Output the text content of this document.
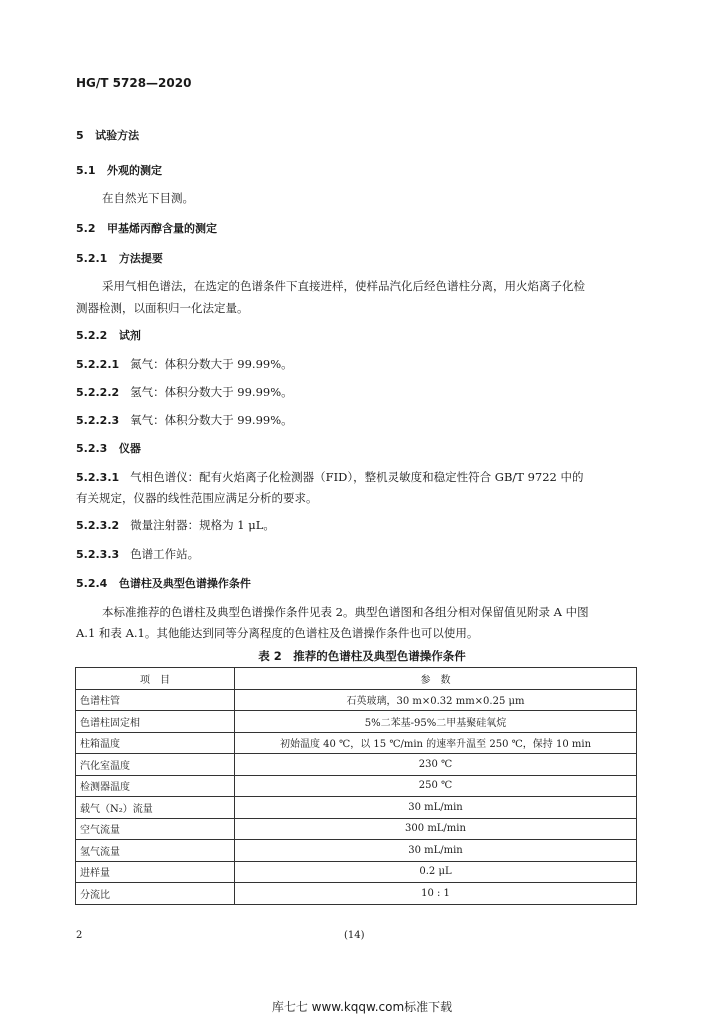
HG/T 5728—2020
5 试验方法
5.1 外观的测定
在自然光下目测。
5.2 甲基烯丙醇含量的测定
5.2.1 方法提要
采用气相色谱法，在选定的色谱条件下直接进样，使样品汽化后经色谱柱分离，用火焰离子化检
测器检测，以面积归一化法定量。
5.2.2 试剂
5.2.2.1 氮气：体积分数大于 99.99%。
5.2.2.2 氢气：体积分数大于 99.99%。
5.2.2.3 氧气：体积分数大于 99.99%。
5.2.3 仪器
5.2.3.1 气相色谱仪：配有火焰离子化检测器（FID），整机灵敏度和稳定性符合 GB/T 9722 中的
有关规定，仪器的线性范围应满足分析的要求。
5.2.3.2 微量注射器：规格为 1 μL。
5.2.3.3 色谱工作站。
5.2.4 色谱柱及典型色谱操作条件
本标准推荐的色谱柱及典型色谱操作条件见表 2。典型色谱图和各组分相对保留值见附录 A 中图
A.1 和表 A.1。其他能达到同等分离程度的色谱柱及色谱操作条件也可以使用。
表 2　推荐的色谱柱及典型色谱操作条件
项　目	参　数
色谱柱管	石英玻璃，30 m×0.32 mm×0.25 μm
色谱柱固定相	5%二苯基-95%二甲基聚硅氧烷
柱箱温度	初始温度 40 ℃，以 15 ℃/min 的速率升温至 250 ℃，保持 10 min
汽化室温度	230 ℃
检测器温度	250 ℃
载气（N₂）流量	30 mL/min
空气流量	300 mL/min
氢气流量	30 mL/min
进样量	0.2 μL
分流比	10 : 1
2	(14)
库七七 www.kqqw.com标准下载
